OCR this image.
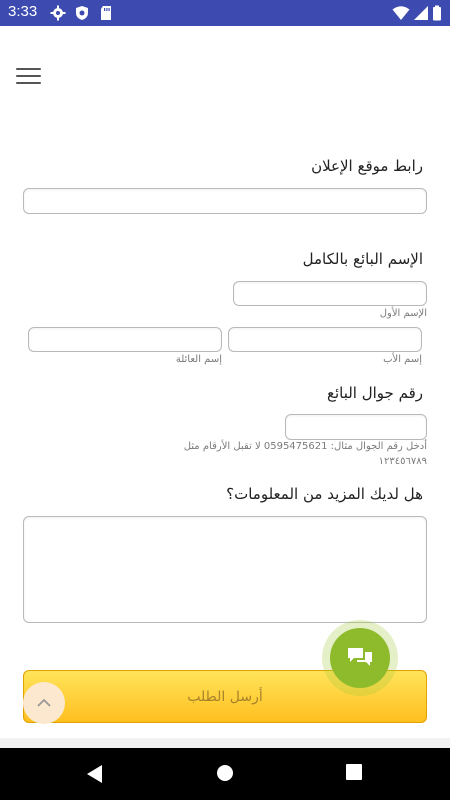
3:33
رابط موقع الإعلان
الإسم البائع بالكامل
الإسم الأول
إسم الأب
إسم العائلة
رقم جوال البائع
أدخل رقم الجوال مثال: 0595475621 لا تقبل الأرقام مثل
١٢٣٤٥٦٧٨٩
هل لديك المزيد من المعلومات؟
أرسل الطلب
